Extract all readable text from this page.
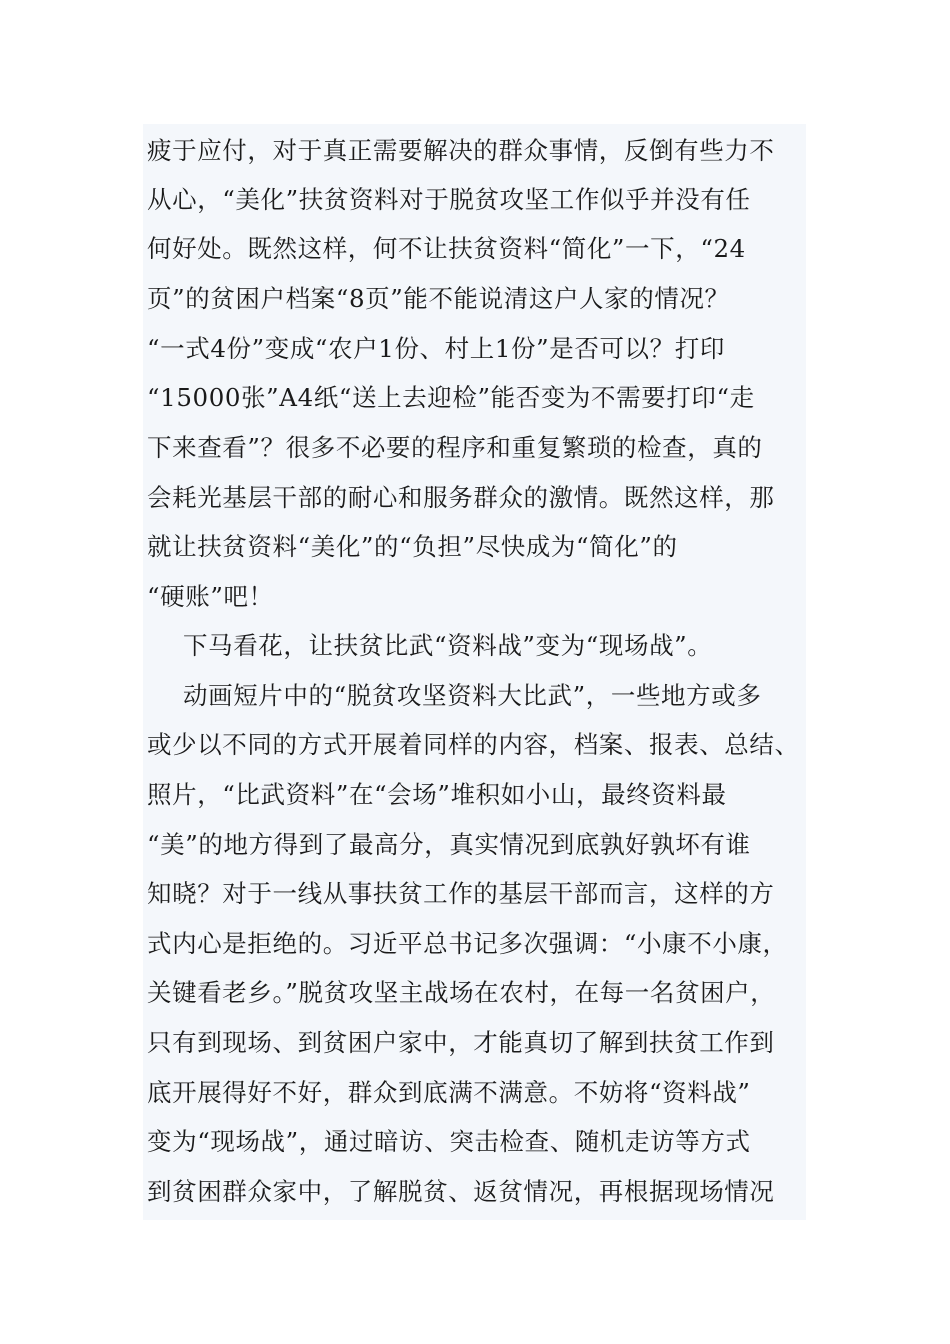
疲于应付，对于真正需要解决的群众事情，反倒有些力不
从心，“美化”扶贫资料对于脱贫攻坚工作似乎并没有任
何好处。既然这样，何不让扶贫资料“简化”一下，“24
页”的贫困户档案“8页”能不能说清这户人家的情况？
“一式4份”变成“农户1份、村上1份”是否可以？打印
“15000张”A4纸“送上去迎检”能否变为不需要打印“走
下来查看”？很多不必要的程序和重复繁琐的检查，真的
会耗光基层干部的耐心和服务群众的激情。既然这样，那
就让扶贫资料“美化”的“负担”尽快成为“简化”的
“硬账”吧！
下马看花，让扶贫比武“资料战”变为“现场战”。
动画短片中的“脱贫攻坚资料大比武”，一些地方或多
或少以不同的方式开展着同样的内容，档案、报表、总结、
照片，“比武资料”在“会场”堆积如小山，最终资料最
“美”的地方得到了最高分，真实情况到底孰好孰坏有谁
知晓？对于一线从事扶贫工作的基层干部而言，这样的方
式内心是拒绝的。习近平总书记多次强调：“小康不小康，
关键看老乡。”脱贫攻坚主战场在农村，在每一名贫困户，
只有到现场、到贫困户家中，才能真切了解到扶贫工作到
底开展得好不好，群众到底满不满意。不妨将“资料战”
变为“现场战”，通过暗访、突击检查、随机走访等方式
到贫困群众家中，了解脱贫、返贫情况，再根据现场情况
